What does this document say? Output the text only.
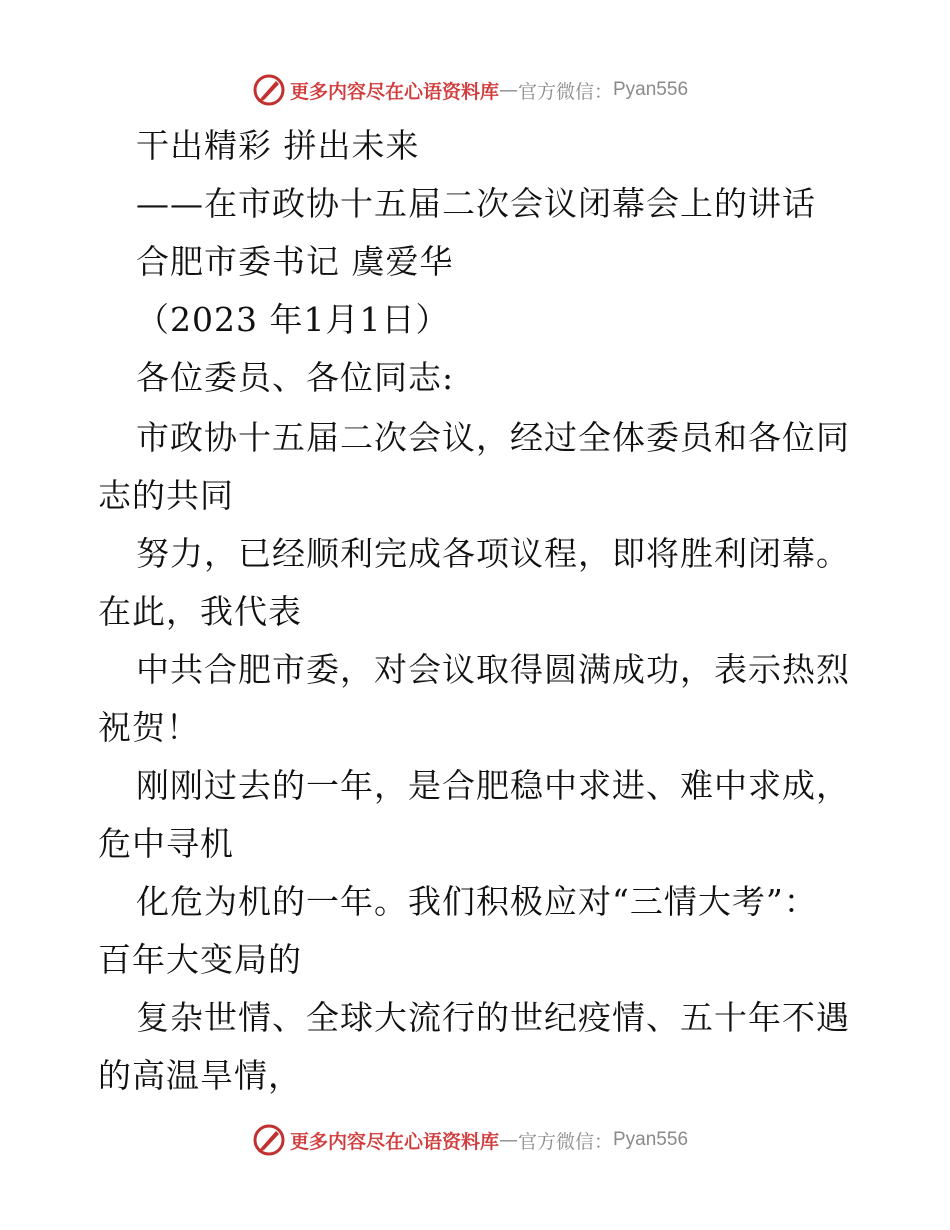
更多内容尽在心语资料库 — 官方微信： Pyan556
干出精彩 拼出未来
——在市政协十五届二次会议闭幕会上的讲话
合肥市委书记 虞爱华
（2023 年1月1日）
各位委员、各位同志:
市政协十五届二次会议，经过全体委员和各位同
志的共同
努力，已经顺利完成各项议程，即将胜利闭幕。
在此，我代表
中共合肥市委，对会议取得圆满成功，表示热烈
祝贺！
刚刚过去的一年，是合肥稳中求进、难中求成，
危中寻机
化危为机的一年。我们积极应对“三情大考”：
百年大变局的
复杂世情、全球大流行的世纪疫情、五十年不遇
的高温旱情，
更多内容尽在心语资料库 — 官方微信： Pyan556
